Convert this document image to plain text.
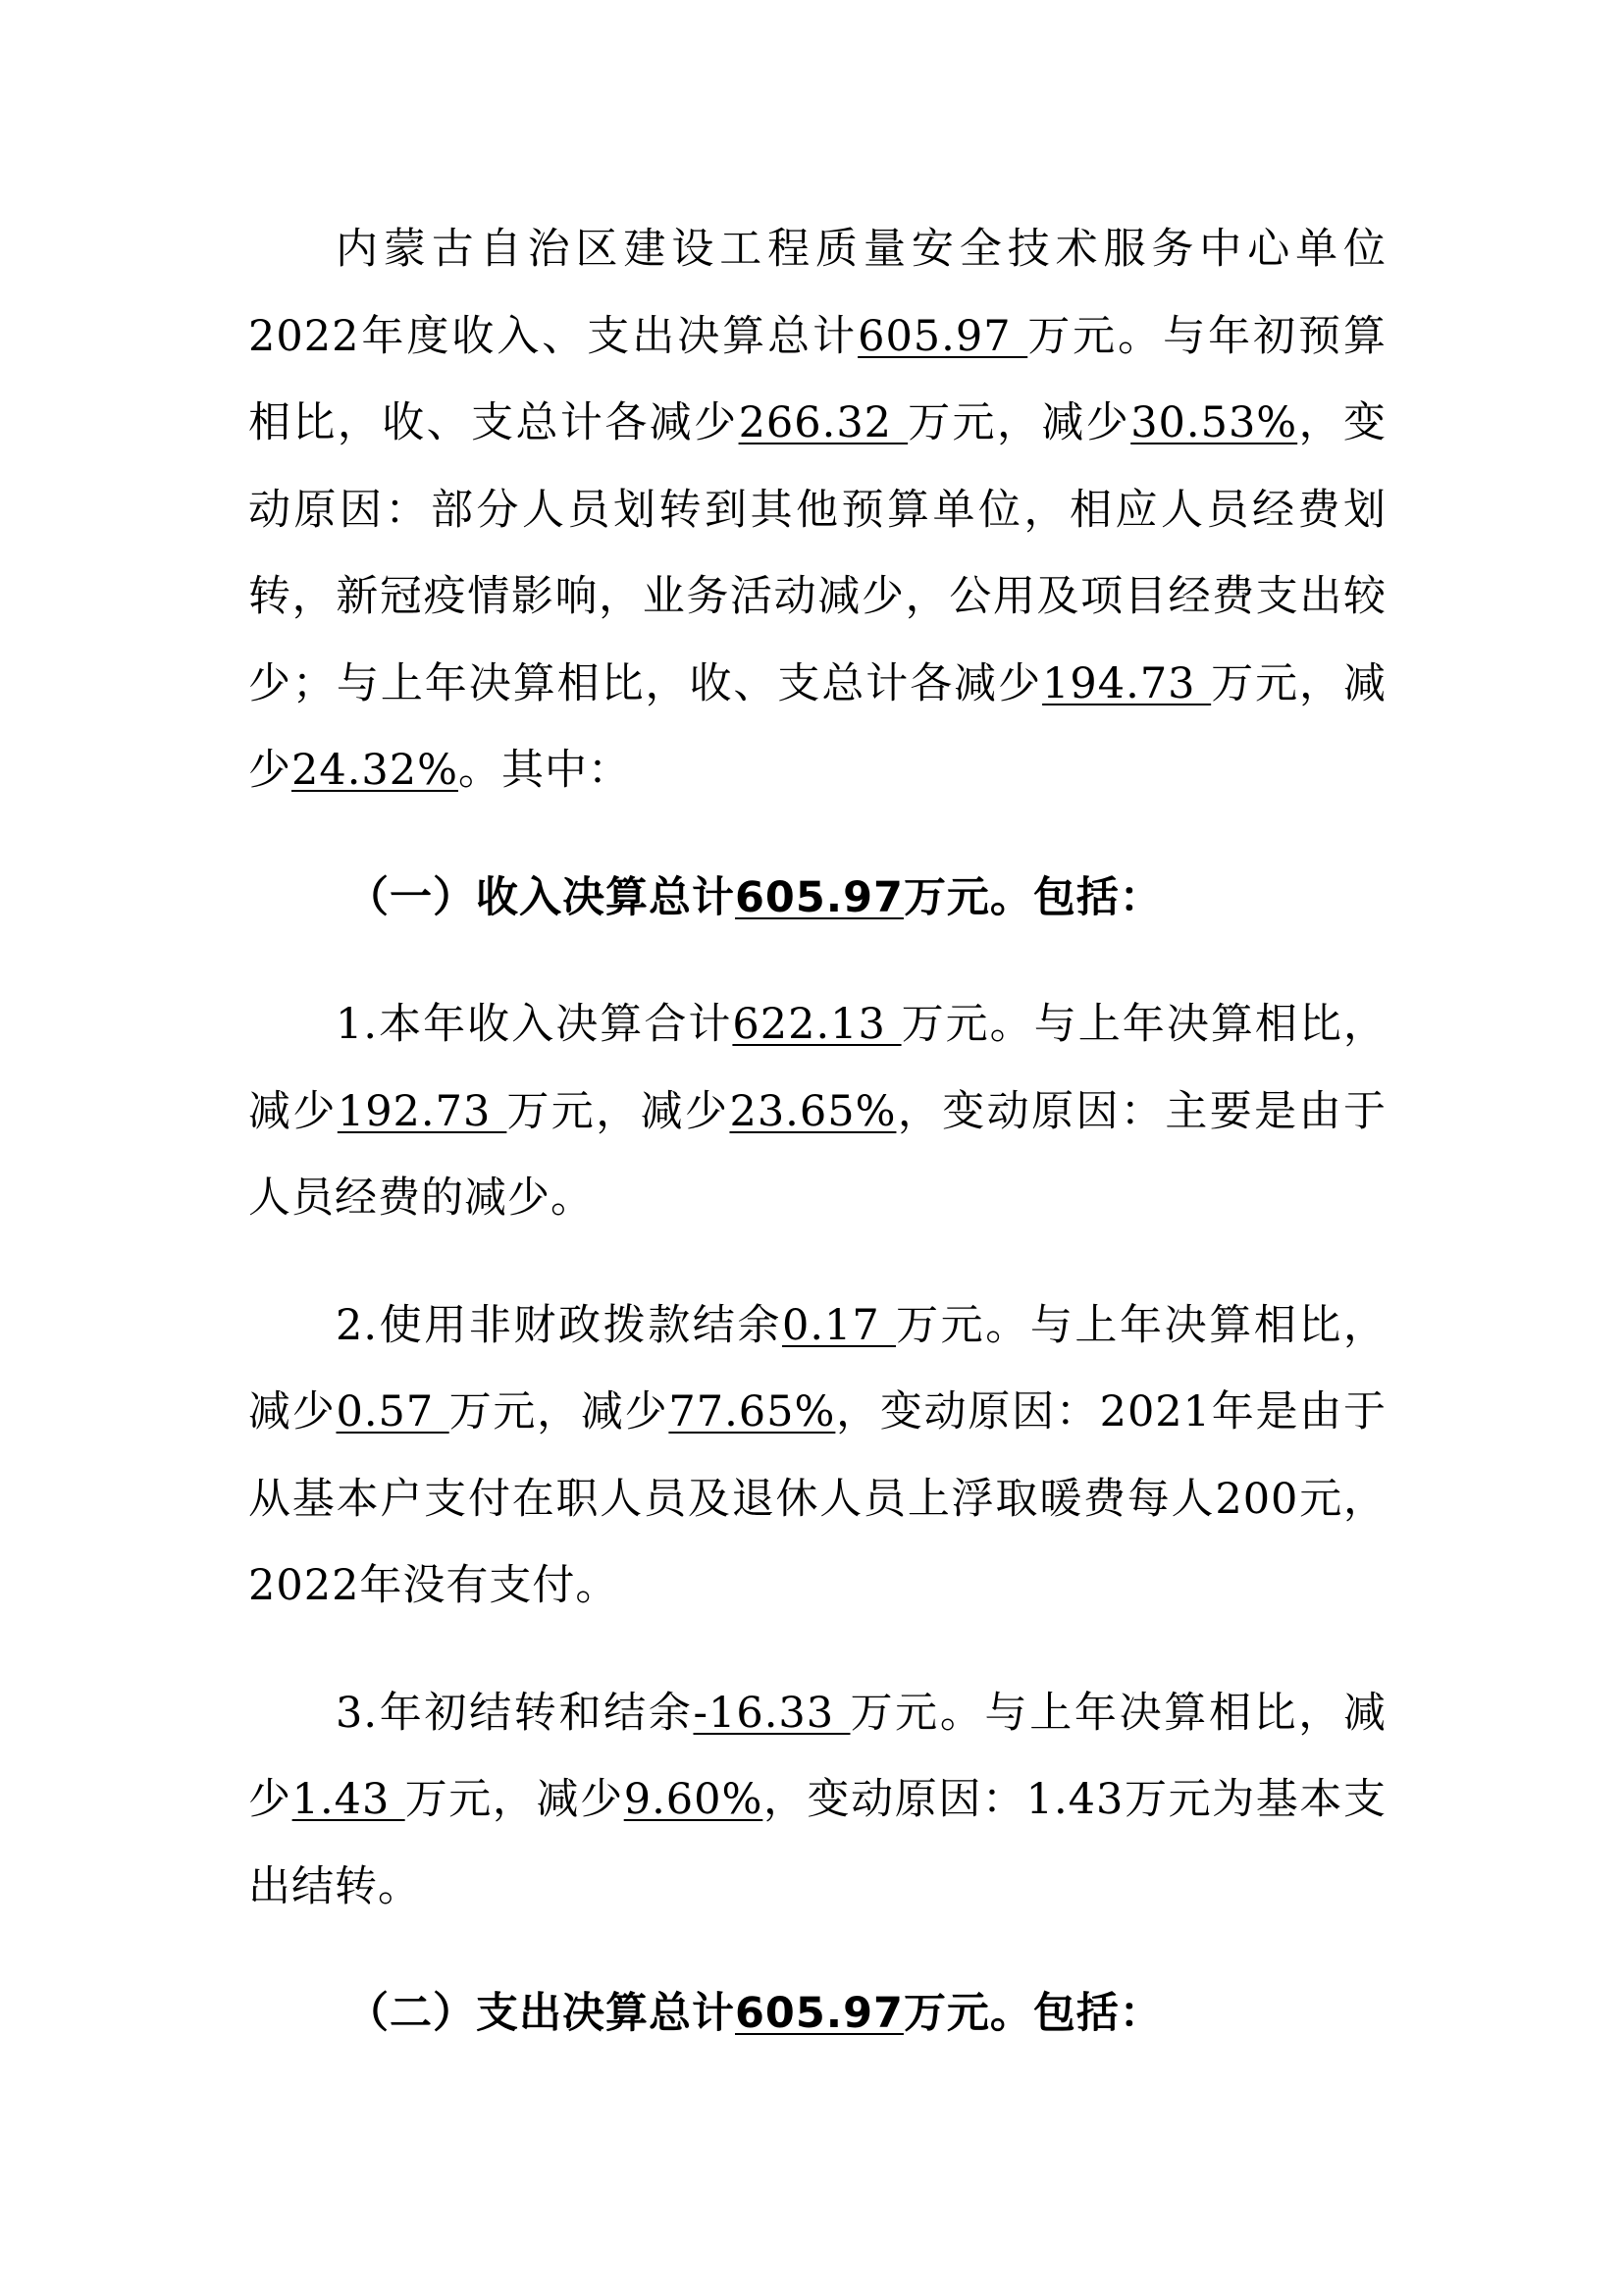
内蒙古自治区建设工程质量安全技术服务中心单位2022年度收入、支出决算总计605.97 万元。与年初预算相比，收、支总计各减少266.32 万元，减少30.53%，变动原因：部分人员划转到其他预算单位，相应人员经费划转，新冠疫情影响，业务活动减少，公用及项目经费支出较少；与上年决算相比，收、支总计各减少194.73 万元，减少24.32%。其中：

（一）收入决算总计605.97万元。包括：

1.本年收入决算合计622.13 万元。与上年决算相比，减少192.73 万元，减少23.65%，变动原因：主要是由于人员经费的减少。

2.使用非财政拨款结余0.17 万元。与上年决算相比，减少0.57 万元，减少77.65%，变动原因：2021年是由于从基本户支付在职人员及退休人员上浮取暖费每人200元，2022年没有支付。

3.年初结转和结余-16.33 万元。与上年决算相比，减少1.43 万元，减少9.60%，变动原因：1.43万元为基本支出结转。

（二）支出决算总计605.97万元。包括：
